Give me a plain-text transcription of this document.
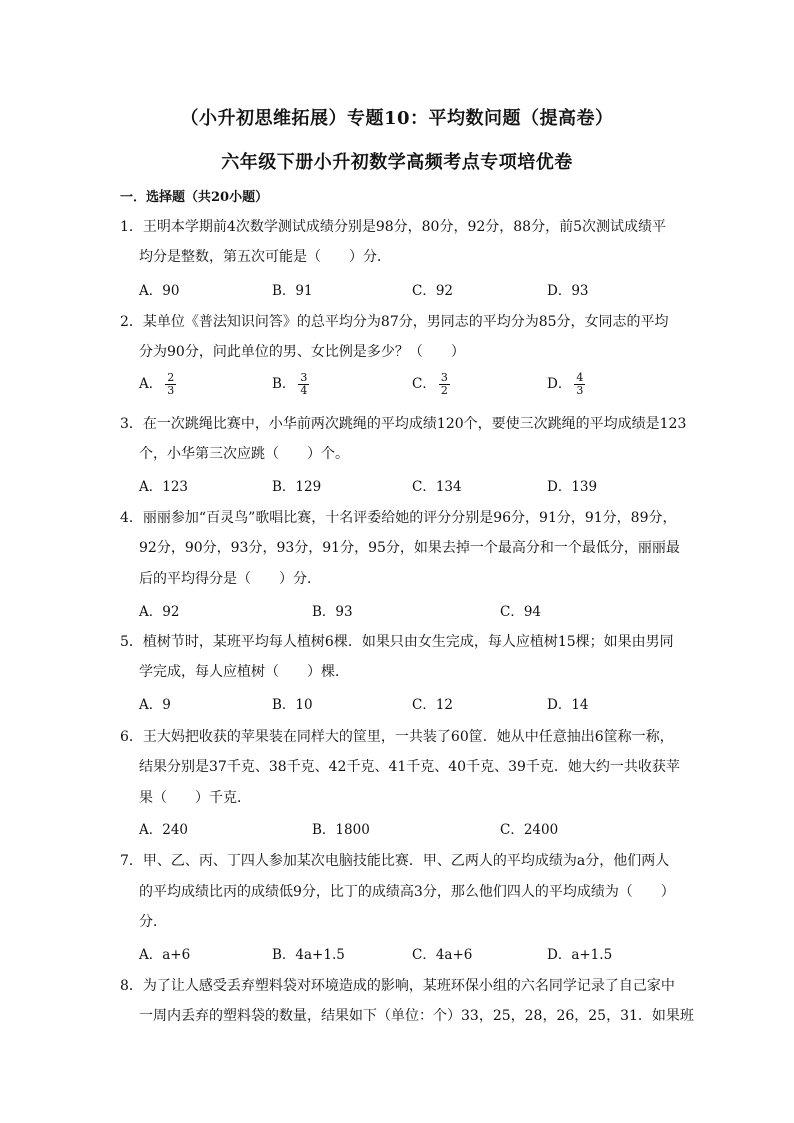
（小升初思维拓展）专题10：平均数问题（提高卷）
六年级下册小升初数学高频考点专项培优卷
一．选择题（共20小题）
1．王明本学期前4次数学测试成绩分别是98分，80分，92分，88分，前5次测试成绩平
均分是整数，第五次可能是（　　）分．
A．90	B．91	C．92	D．93
2．某单位《普法知识问答》的总平均分为87分，男同志的平均分为85分，女同志的平均
分为90分，问此单位的男、女比例是多少？（　　）
A． $\frac{2}{3}$	B． $\frac{3}{4}$	C． $\frac{3}{2}$	D． $\frac{4}{3}$
3．在一次跳绳比赛中，小华前两次跳绳的平均成绩120个，要使三次跳绳的平均成绩是123
个，小华第三次应跳（　　）个。
A．123	B．129	C．134	D．139
4．丽丽参加“百灵鸟”歌唱比赛，十名评委给她的评分分别是96分，91分，91分，89分，
92分，90分，93分，93分，91分，95分，如果去掉一个最高分和一个最低分，丽丽最
后的平均得分是（　　）分．
A．92	B．93	C．94
5．植树节时，某班平均每人植树6棵．如果只由女生完成，每人应植树15棵；如果由男同
学完成，每人应植树（　　）棵．
A．9	B．10	C．12	D．14
6．王大妈把收获的苹果装在同样大的筐里，一共装了60筐．她从中任意抽出6筐称一称，
结果分别是37千克、38千克、42千克、41千克、40千克、39千克．她大约一共收获苹
果（　　）千克．
A．240	B．1800	C．2400
7．甲、乙、丙、丁四人参加某次电脑技能比赛．甲、乙两人的平均成绩为a分，他们两人
的平均成绩比丙的成绩低9分，比丁的成绩高3分，那么他们四人的平均成绩为（　　）
分．
A．a+6	B．4a+1.5	C．4a+6	D．a+1.5
8．为了让人感受丢弃塑料袋对环境造成的影响，某班环保小组的六名同学记录了自己家中
一周内丢弃的塑料袋的数量，结果如下（单位：个）33，25，28，26，25，31．如果班
